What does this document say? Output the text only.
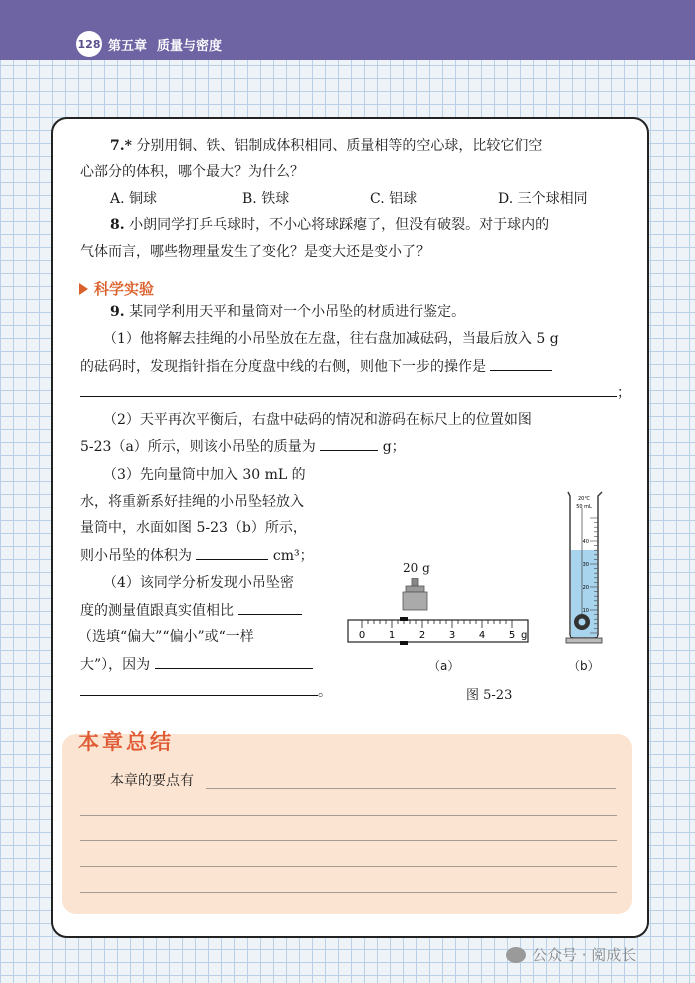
128 第五章 质量与密度
7.* 分别用铜、铁、铝制成体积相同、质量相等的空心球，比较它们空
心部分的体积，哪个最大？为什么？
A. 铜球	B. 铁球	C. 铝球	D. 三个球相同
8. 小朗同学打乒乓球时，不小心将球踩瘪了，但没有破裂。对于球内的
气体而言，哪些物理量发生了变化？是变大还是变小了？
科学实验
9. 某同学利用天平和量筒对一个小吊坠的材质进行鉴定。
（1）他将解去挂绳的小吊坠放在左盘，往右盘加减砝码，当最后放入 5 g
的砝码时，发现指针指在分度盘中线的右侧，则他下一步的操作是
；
（2）天平再次平衡后，右盘中砝码的情况和游码在标尺上的位置如图
5-23（a）所示，则该小吊坠的质量为	g；
（3）先向量筒中加入 30 mL 的
水，将重新系好挂绳的小吊坠轻放入
量筒中，水面如图 5-23（b）所示，
则小吊坠的体积为	cm³；
（4）该同学分析发现小吊坠密
度的测量值跟真实值相比
（选填“偏大”“偏小”或“一样
大”），因为
。
20 g
0 1 2 3 4 5 g
（a）
20℃
50 mL
40
30
20
10
（b）
图 5-23
本章总结
本章的要点有
公众号 · 阅成长
